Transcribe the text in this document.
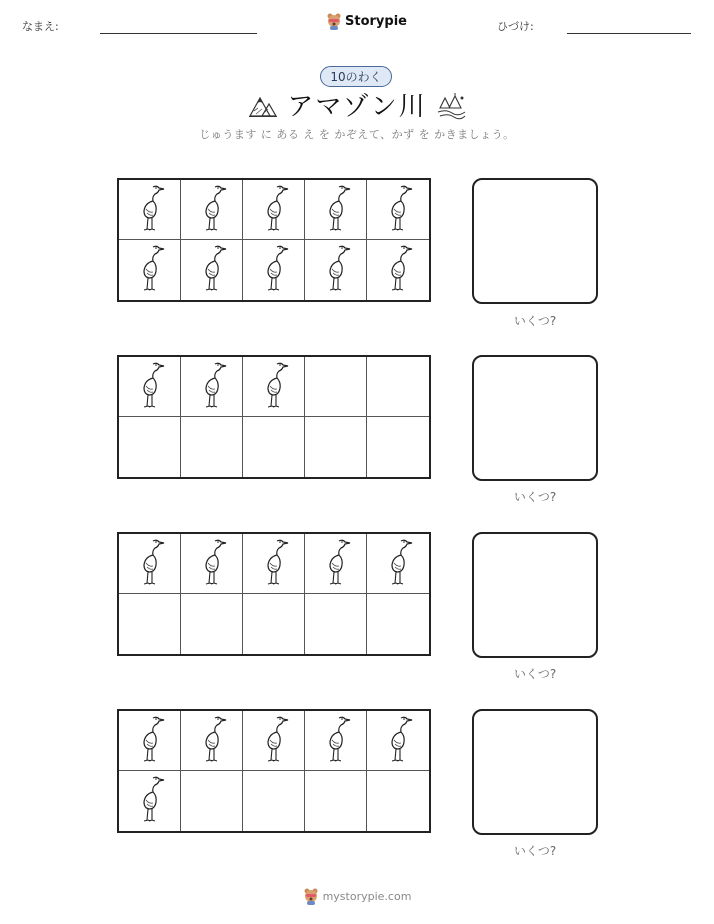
なまえ:	Storypie	ひづけ:
10のわく
アマゾン川
じゅうます に ある え を かぞえて、かず を かきましょう。
いくつ?
いくつ?
いくつ?
いくつ?
mystorypie.com
